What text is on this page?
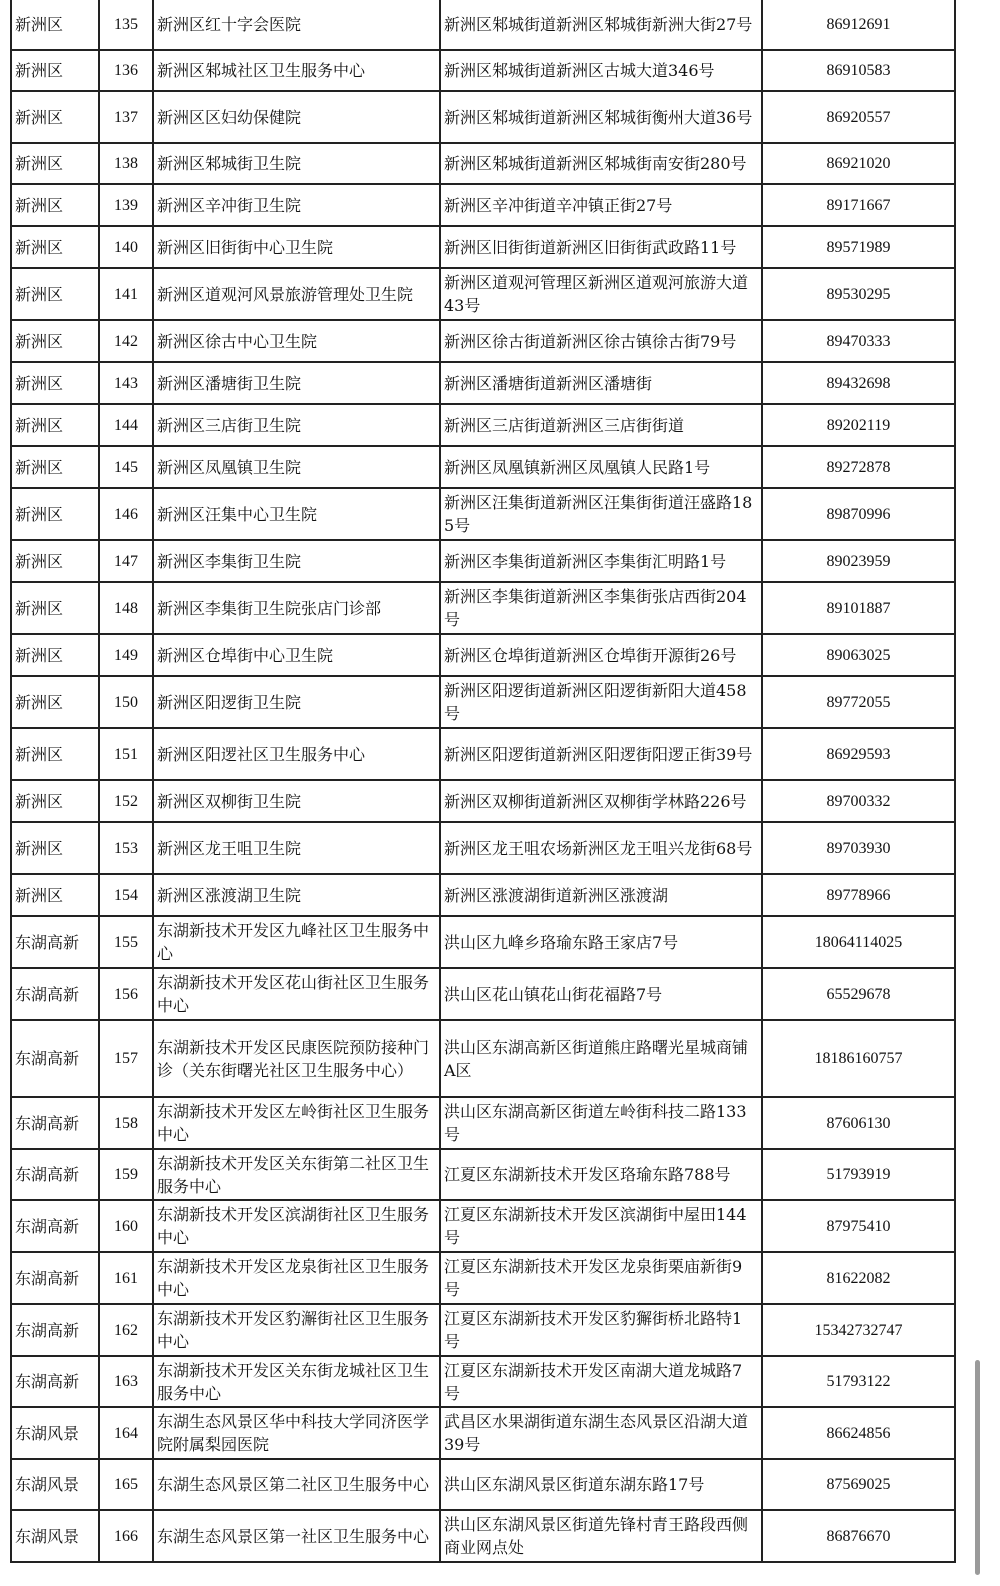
新洲区	135	新洲区红十字会医院	新洲区邾城街道新洲区邾城街新洲大街27号	86912691
新洲区	136	新洲区邾城社区卫生服务中心	新洲区邾城街道新洲区古城大道346号	86910583
新洲区	137	新洲区区妇幼保健院	新洲区邾城街道新洲区邾城街衡州大道36号	86920557
新洲区	138	新洲区邾城街卫生院	新洲区邾城街道新洲区邾城街南安街280号	86921020
新洲区	139	新洲区辛冲街卫生院	新洲区辛冲街道辛冲镇正街27号	89171667
新洲区	140	新洲区旧街街中心卫生院	新洲区旧街街道新洲区旧街街武政路11号	89571989
新洲区	141	新洲区道观河风景旅游管理处卫生院	新洲区道观河管理区新洲区道观河旅游大道43号	89530295
新洲区	142	新洲区徐古中心卫生院	新洲区徐古街道新洲区徐古镇徐古街79号	89470333
新洲区	143	新洲区潘塘街卫生院	新洲区潘塘街道新洲区潘塘街	89432698
新洲区	144	新洲区三店街卫生院	新洲区三店街道新洲区三店街街道	89202119
新洲区	145	新洲区凤凰镇卫生院	新洲区凤凰镇新洲区凤凰镇人民路1号	89272878
新洲区	146	新洲区汪集中心卫生院	新洲区汪集街道新洲区汪集街街道汪盛路185号	89870996
新洲区	147	新洲区李集街卫生院	新洲区李集街道新洲区李集街汇明路1号	89023959
新洲区	148	新洲区李集街卫生院张店门诊部	新洲区李集街道新洲区李集街张店西街204号	89101887
新洲区	149	新洲区仓埠街中心卫生院	新洲区仓埠街道新洲区仓埠街开源街26号	89063025
新洲区	150	新洲区阳逻街卫生院	新洲区阳逻街道新洲区阳逻街新阳大道458号	89772055
新洲区	151	新洲区阳逻社区卫生服务中心	新洲区阳逻街道新洲区阳逻街阳逻正街39号	86929593
新洲区	152	新洲区双柳街卫生院	新洲区双柳街道新洲区双柳街学林路226号	89700332
新洲区	153	新洲区龙王咀卫生院	新洲区龙王咀农场新洲区龙王咀兴龙街68号	89703930
新洲区	154	新洲区涨渡湖卫生院	新洲区涨渡湖街道新洲区涨渡湖	89778966
东湖高新	155	东湖新技术开发区九峰社区卫生服务中心	洪山区九峰乡珞瑜东路王家店7号	18064114025
东湖高新	156	东湖新技术开发区花山街社区卫生服务中心	洪山区花山镇花山街花福路7号	65529678
东湖高新	157	东湖新技术开发区民康医院预防接种门诊（关东街曙光社区卫生服务中心）	洪山区东湖高新区街道熊庄路曙光星城商铺A区	18186160757
东湖高新	158	东湖新技术开发区左岭街社区卫生服务中心	洪山区东湖高新区街道左岭街科技二路133号	87606130
东湖高新	159	东湖新技术开发区关东街第二社区卫生服务中心	江夏区东湖新技术开发区珞瑜东路788号	51793919
东湖高新	160	东湖新技术开发区滨湖街社区卫生服务中心	江夏区东湖新技术开发区滨湖街中屋田144号	87975410
东湖高新	161	东湖新技术开发区龙泉街社区卫生服务中心	江夏区东湖新技术开发区龙泉街栗庙新街9号	81622082
东湖高新	162	东湖新技术开发区豹澥街社区卫生服务中心	江夏区东湖新技术开发区豹獬街桥北路特1号	15342732747
东湖高新	163	东湖新技术开发区关东街龙城社区卫生服务中心	江夏区东湖新技术开发区南湖大道龙城路7号	51793122
东湖风景	164	东湖生态风景区华中科技大学同济医学院附属梨园医院	武昌区水果湖街道东湖生态风景区沿湖大道39号	86624856
东湖风景	165	东湖生态风景区第二社区卫生服务中心	洪山区东湖风景区街道东湖东路17号	87569025
东湖风景	166	东湖生态风景区第一社区卫生服务中心	洪山区东湖风景区街道先锋村青王路段西侧商业网点处	86876670
